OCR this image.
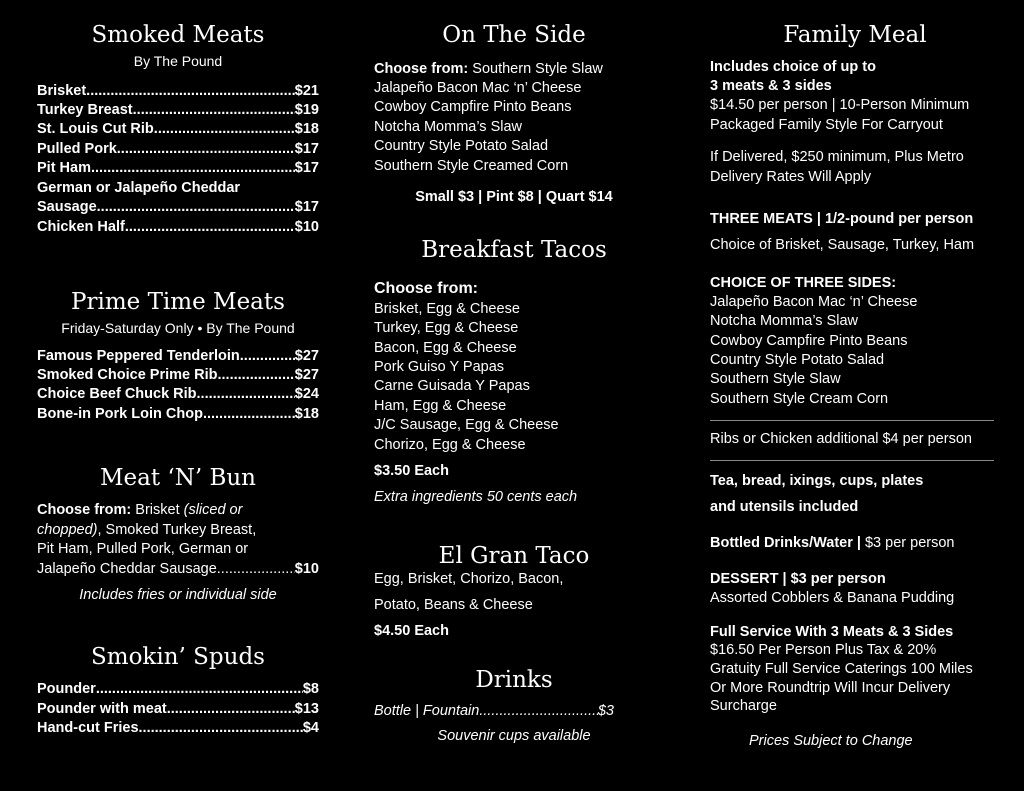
Smoked Meats
By The Pound
Brisket .....	$21
Turkey Breast .....	$19
St. Louis Cut Rib .....	$18
Pulled Pork .....	$17
Pit Ham .....	$17
German or Jalapeño Cheddar
Sausage .....	$17
Chicken Half .....	$10
Prime Time Meats
Friday-Saturday Only • By The Pound
Famous Peppered Tenderloin .....	$27
Smoked Choice Prime Rib .....	$27
Choice Beef Chuck Rib .....	$24
Bone-in Pork Loin Chop .....	$18
Meat ‘N’ Bun
Choose from: Brisket (sliced or
chopped), Smoked Turkey Breast,
Pit Ham, Pulled Pork, German or
Jalapeño Cheddar Sausage .....	$10
Includes fries or individual side
Smokin’ Spuds
Pounder .....	$8
Pounder with meat .....	$13
Hand-cut Fries .....	$4
On The Side
Choose from: Southern Style Slaw
Jalapeño Bacon Mac ‘n’ Cheese
Cowboy Campfire Pinto Beans
Notcha Momma’s Slaw
Country Style Potato Salad
Southern Style Creamed Corn
Small $3 | Pint $8 | Quart $14
Breakfast Tacos
Choose from:
Brisket, Egg & Cheese
Turkey, Egg & Cheese
Bacon, Egg & Cheese
Pork Guiso Y Papas
Carne Guisada Y Papas
Ham, Egg & Cheese
J/C Sausage, Egg & Cheese
Chorizo, Egg & Cheese
$3.50 Each
Extra ingredients 50 cents each
El Gran Taco
Egg, Brisket, Chorizo, Bacon,
Potato, Beans & Cheese
$4.50 Each
Drinks
Bottle | Fountain .....	$3
Souvenir cups available
Family Meal
Includes choice of up to
3 meats & 3 sides
$14.50 per person | 10-Person Minimum
Packaged Family Style For Carryout
If Delivered, $250 minimum, Plus Metro
Delivery Rates Will Apply
THREE MEATS | 1/2-pound per person
Choice of Brisket, Sausage, Turkey, Ham
CHOICE OF THREE SIDES:
Jalapeño Bacon Mac ‘n’ Cheese
Notcha Momma’s Slaw
Cowboy Campfire Pinto Beans
Country Style Potato Salad
Southern Style Slaw
Southern Style Cream Corn
Ribs or Chicken additional $4 per person
Tea, bread, ixings, cups, plates
and utensils included
Bottled Drinks/Water | $3 per person
DESSERT | $3 per person
Assorted Cobblers & Banana Pudding
Full Service With 3 Meats & 3 Sides
$16.50 Per Person Plus Tax & 20%
Gratuity Full Service Caterings 100 Miles
Or More Roundtrip Will Incur Delivery
Surcharge
Prices Subject to Change
